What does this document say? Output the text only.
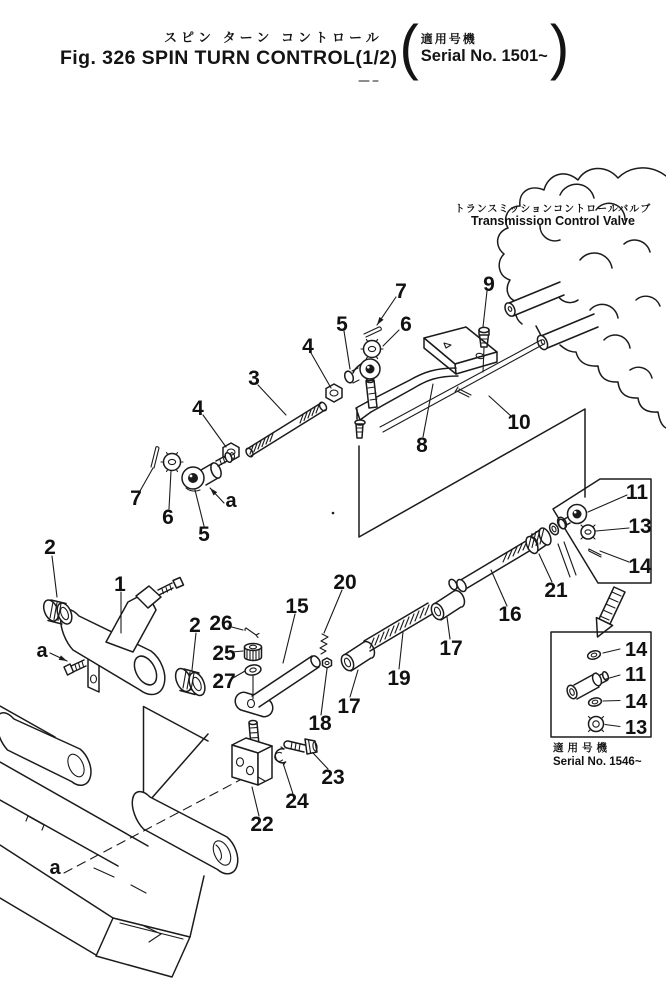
スピン ターン コントロール
Fig. 326 SPIN TURN CONTROL(1/2) ( 適用号機
Serial No. 1501~ )
7	9
6
5
4
3
4
10
8
7
6
5
a	11
13
14
2
1	21
16
20
15
2 26
17
25
a
19
27
17
18
14
11
14
13
23
24
22
a
トランスミッションコントロールバルブ
Transmission Control Valve
適用号機
Serial No. 1546~
